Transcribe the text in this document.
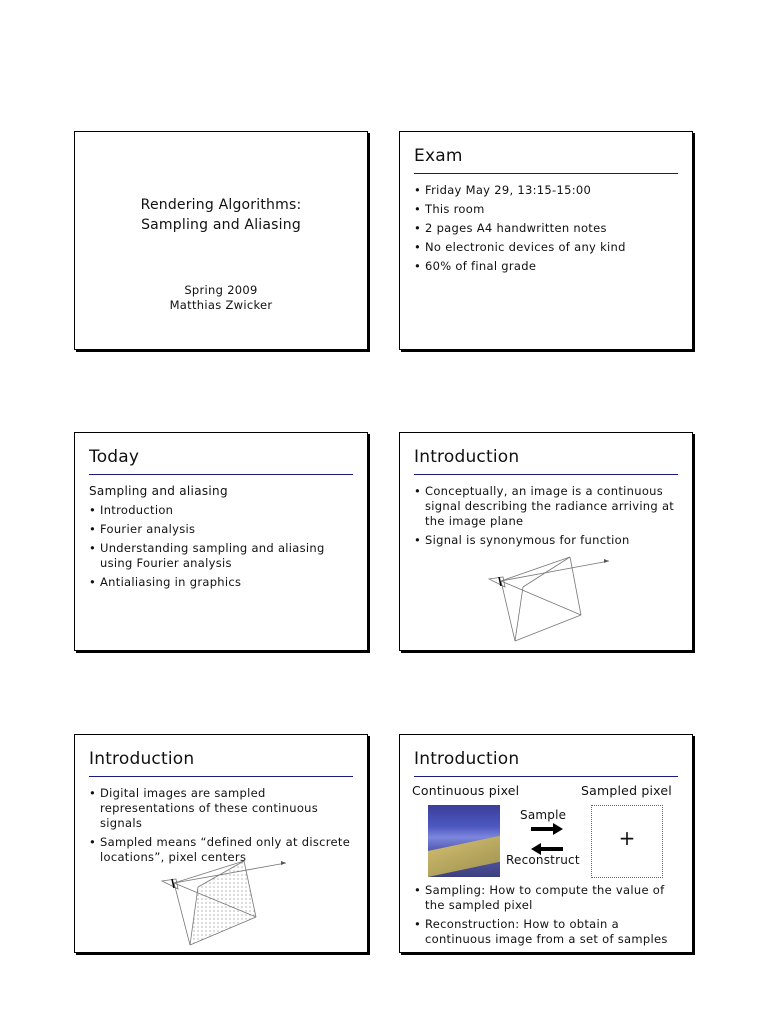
Rendering Algorithms:
Sampling and Aliasing
Spring 2009
Matthias Zwicker
Exam
• Friday May 29, 13:15-15:00
• This room
• 2 pages A4 handwritten notes
• No electronic devices of any kind
• 60% of final grade
Today
Sampling and aliasing
• Introduction
• Fourier analysis
• Understanding sampling and aliasing using Fourier analysis
• Antialiasing in graphics
Introduction
• Conceptually, an image is a continuous signal describing the radiance arriving at the image plane
• Signal is synonymous for function
Introduction
• Digital images are sampled representations of these continuous signals
• Sampled means “defined only at discrete locations”, pixel centers
Introduction
Continuous pixel	Sampled pixel
Sample
Reconstruct
+
• Sampling: How to compute the value of the sampled pixel
• Reconstruction: How to obtain a continuous image from a set of samples
